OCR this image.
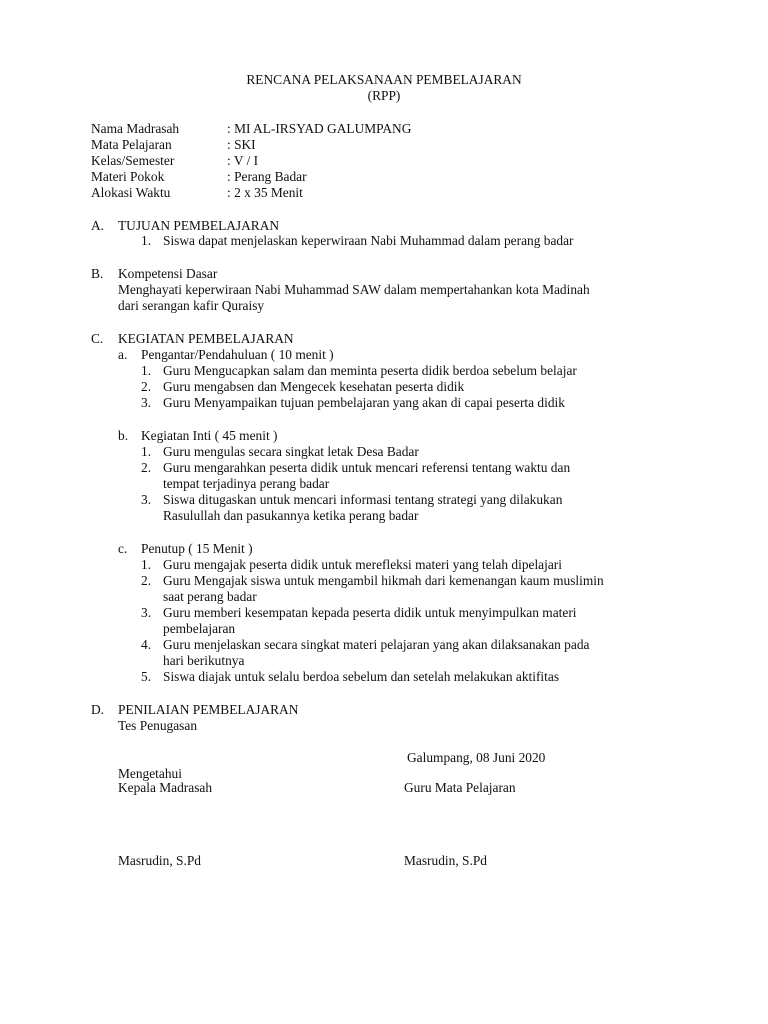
RENCANA PELAKSANAAN PEMBELAJARAN
(RPP)
Nama Madrasah	: MI AL-IRSYAD GALUMPANG
Mata Pelajaran	: SKI
Kelas/Semester	: V / I
Materi Pokok	: Perang Badar
Alokasi Waktu	: 2 x 35 Menit
A. TUJUAN PEMBELAJARAN
1. Siswa dapat menjelaskan keperwiraan Nabi Muhammad dalam perang badar
B. Kompetensi Dasar
Menghayati keperwiraan Nabi Muhammad SAW dalam mempertahankan kota Madinah
dari serangan kafir Quraisy
C. KEGIATAN PEMBELAJARAN
a. Pengantar/Pendahuluan ( 10 menit )
1. Guru Mengucapkan salam dan meminta peserta didik berdoa sebelum belajar
2. Guru mengabsen dan Mengecek kesehatan peserta didik
3. Guru Menyampaikan tujuan pembelajaran yang akan di capai peserta didik
b. Kegiatan Inti ( 45 menit )
1. Guru mengulas secara singkat letak Desa Badar
2. Guru mengarahkan peserta didik untuk mencari referensi tentang waktu dan
tempat terjadinya perang badar
3. Siswa ditugaskan untuk mencari informasi tentang strategi yang dilakukan
Rasulullah dan pasukannya ketika perang badar
c. Penutup ( 15 Menit )
1. Guru mengajak peserta didik untuk merefleksi materi yang telah dipelajari
2. Guru Mengajak siswa untuk mengambil hikmah dari kemenangan kaum muslimin
saat perang badar
3. Guru memberi kesempatan kepada peserta didik untuk menyimpulkan materi
pembelajaran
4. Guru menjelaskan secara singkat materi pelajaran yang akan dilaksanakan pada
hari berikutnya
5. Siswa diajak untuk selalu berdoa sebelum dan setelah melakukan aktifitas
D. PENILAIAN PEMBELAJARAN
Tes Penugasan
Galumpang, 08 Juni 2020
Mengetahui
Kepala Madrasah	Guru Mata Pelajaran
Masrudin, S.Pd	Masrudin, S.Pd
